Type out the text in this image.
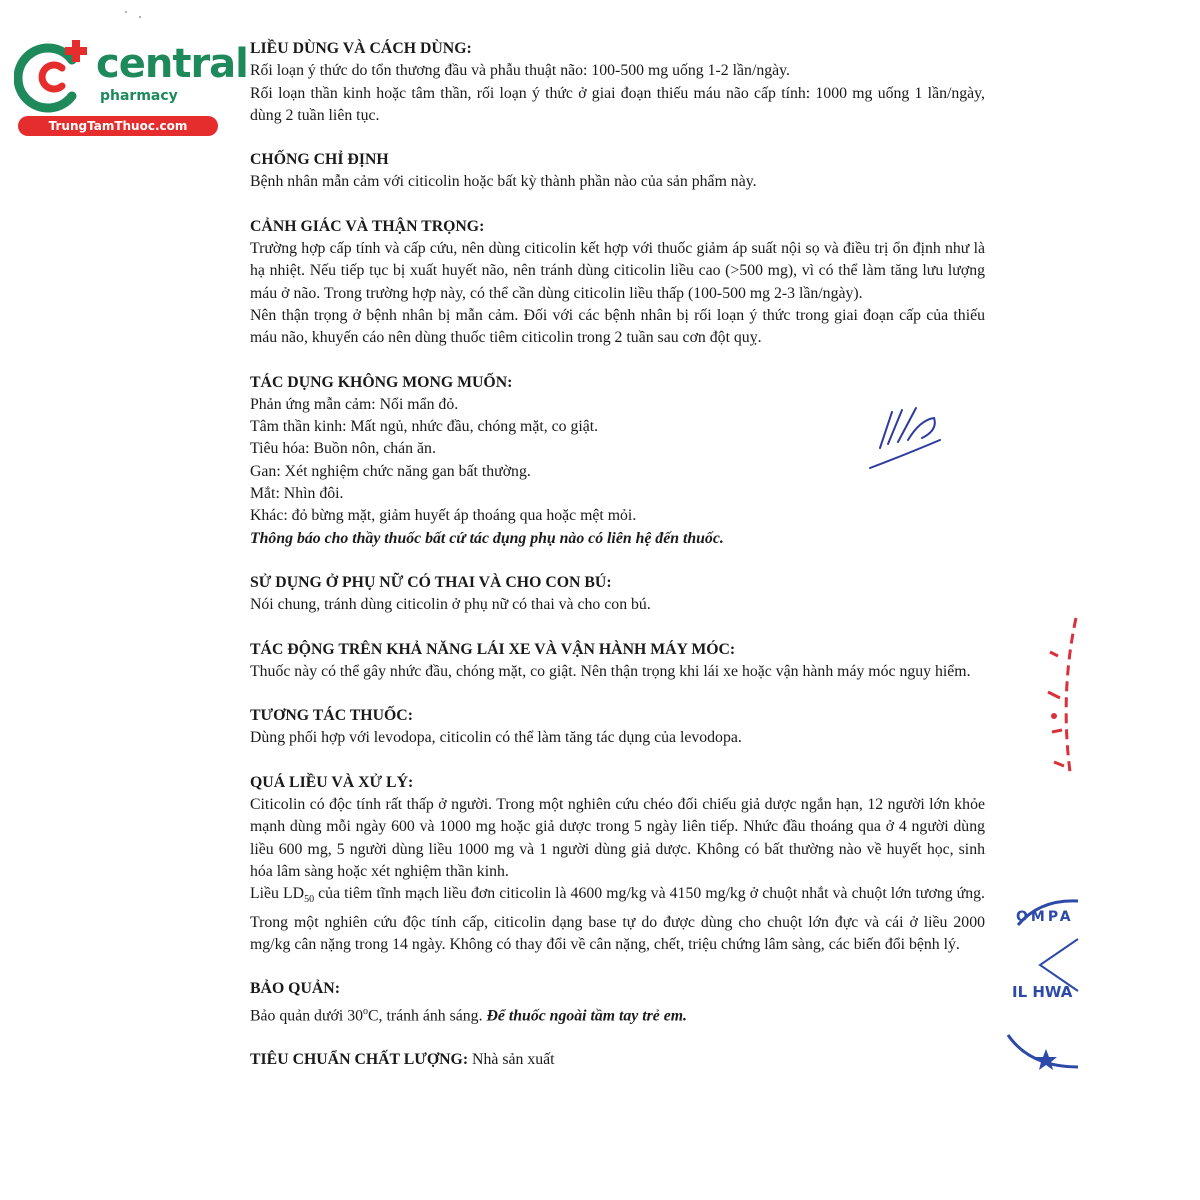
central
pharmacy
TrungTamThuoc.com
LIỀU DÙNG VÀ CÁCH DÙNG:

Rối loạn ý thức do tổn thương đầu và phẫu thuật não: 100-500 mg uống 1-2 lần/ngày.

Rối loạn thần kinh hoặc tâm thần, rối loạn ý thức ở giai đoạn thiếu máu não cấp tính: 1000 mg uống 1 lần/ngày, dùng 2 tuần liên tục.

CHỐNG CHỈ ĐỊNH

Bệnh nhân mẫn cảm với citicolin hoặc bất kỳ thành phần nào của sản phẩm này.

CẢNH GIÁC VÀ THẬN TRỌNG:

Trường hợp cấp tính và cấp cứu, nên dùng citicolin kết hợp với thuốc giảm áp suất nội sọ và điều trị ổn định như là hạ nhiệt. Nếu tiếp tục bị xuất huyết não, nên tránh dùng citicolin liều cao (>500 mg), vì có thể làm tăng lưu lượng máu ở não. Trong trường hợp này, có thể cần dùng citicolin liều thấp (100-500 mg 2-3 lần/ngày).

Nên thận trọng ở bệnh nhân bị mẫn cảm. Đối với các bệnh nhân bị rối loạn ý thức trong giai đoạn cấp của thiếu máu não, khuyến cáo nên dùng thuốc tiêm citicolin trong 2 tuần sau cơn đột quỵ.

TÁC DỤNG KHÔNG MONG MUỐN:

Phản ứng mẫn cảm: Nổi mẩn đỏ.

Tâm thần kinh: Mất ngủ, nhức đầu, chóng mặt, co giật.

Tiêu hóa: Buồn nôn, chán ăn.

Gan: Xét nghiệm chức năng gan bất thường.

Mắt: Nhìn đôi.

Khác: đỏ bừng mặt, giảm huyết áp thoáng qua hoặc mệt mỏi.

Thông báo cho thầy thuốc bất cứ tác dụng phụ nào có liên hệ đến thuốc.

SỬ DỤNG Ở PHỤ NỮ CÓ THAI VÀ CHO CON BÚ:

Nói chung, tránh dùng citicolin ở phụ nữ có thai và cho con bú.

TÁC ĐỘNG TRÊN KHẢ NĂNG LÁI XE VÀ VẬN HÀNH MÁY MÓC:

Thuốc này có thể gây nhức đầu, chóng mặt, co giật. Nên thận trọng khi lái xe hoặc vận hành máy móc nguy hiểm.

TƯƠNG TÁC THUỐC:

Dùng phối hợp với levodopa, citicolin có thể làm tăng tác dụng của levodopa.

QUÁ LIỀU VÀ XỬ LÝ:

Citicolin có độc tính rất thấp ở người. Trong một nghiên cứu chéo đối chiếu giả dược ngắn hạn, 12 người lớn khỏe mạnh dùng mỗi ngày 600 và 1000 mg hoặc giả dược trong 5 ngày liên tiếp. Nhức đầu thoáng qua ở 4 người dùng liều 600 mg, 5 người dùng liều 1000 mg và 1 người dùng giả dược. Không có bất thường nào về huyết học, sinh hóa lâm sàng hoặc xét nghiệm thần kinh.

Liều $LD_{50}$ của tiêm tĩnh mạch liều đơn citicolin là 4600 mg/kg và 4150 mg/kg ở chuột nhắt và chuột lớn tương ứng. Trong một nghiên cứu độc tính cấp, citicolin dạng base tự do được dùng cho chuột lớn đực và cái ở liều 2000 mg/kg cân nặng trong 14 ngày. Không có thay đổi về cân nặng, chết, triệu chứng lâm sàng, các biến đổi bệnh lý.

BẢO QUẢN:

Bảo quản dưới 30$^o$C, tránh ánh sáng. Để thuốc ngoài tầm tay trẻ em.

TIÊU CHUẨN CHẤT LƯỢNG: Nhà sản xuất
OMPA
IL HWA
